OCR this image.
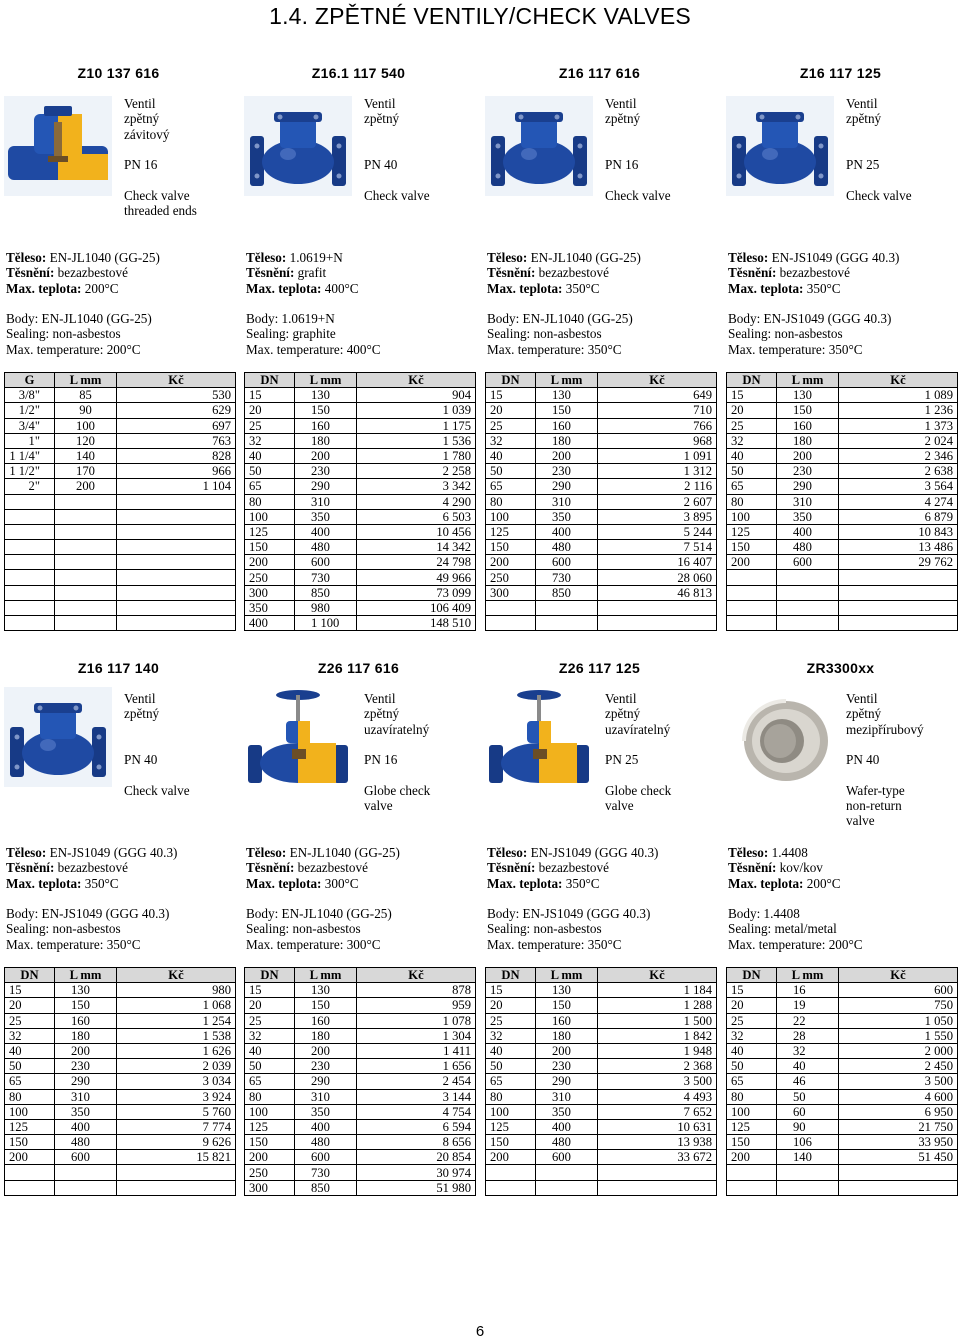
1.4. ZPĚTNÉ VENTILY/CHECK VALVES
Z10 137 616
Ventil
zpětný
závitový
PN 16
Check valve
threaded ends
Těleso: EN-JL1040 (GG-25)
Těsnění: bezazbestové
Max. teplota: 200°C
Body: EN-JL1040 (GG-25)
Sealing: non-asbestos
Max. temperature: 200°C
G	L mm	Kč
3/8"	85	530
1/2"	90	629
3/4"	100	697
1"	120	763
1 1/4"	140	828
1 1/2"	170	966
2"	200	1 104

Z16.1 117 540
Ventil
zpětný
PN 40
Check valve
Těleso: 1.0619+N
Těsnění: grafit
Max. teplota: 400°C
Body: 1.0619+N
Sealing: graphite
Max. temperature: 400°C
DN	L mm	Kč
15	130	904
20	150	1 039
25	160	1 175
32	180	1 536
40	200	1 780
50	230	2 258
65	290	3 342
80	310	4 290
100	350	6 503
125	400	10 456
150	480	14 342
200	600	24 798
250	730	49 966
300	850	73 099
350	980	106 409
400	1 100	148 510
Z16 117 616
Ventil
zpětný
PN 16
Check valve
Těleso: EN-JL1040 (GG-25)
Těsnění: bezazbestové
Max. teplota: 350°C
Body: EN-JL1040 (GG-25)
Sealing: non-asbestos
Max. temperature: 350°C
DN	L mm	Kč
15	130	649
20	150	710
25	160	766
32	180	968
40	200	1 091
50	230	1 312
65	290	2 116
80	310	2 607
100	350	3 895
125	400	5 244
150	480	7 514
200	600	16 407
250	730	28 060
300	850	46 813

Z16 117 125
Ventil
zpětný
PN 25
Check valve
Těleso: EN-JS1049 (GGG 40.3)
Těsnění: bezazbestové
Max. teplota: 350°C
Body: EN-JS1049 (GGG 40.3)
Sealing: non-asbestos
Max. temperature: 350°C
DN	L mm	Kč
15	130	1 089
20	150	1 236
25	160	1 373
32	180	2 024
40	200	2 346
50	230	2 638
65	290	3 564
80	310	4 274
100	350	6 879
125	400	10 843
150	480	13 486
200	600	29 762

Z16 117 140
Ventil
zpětný
PN 40
Check valve
Těleso: EN-JS1049 (GGG 40.3)
Těsnění: bezazbestové
Max. teplota: 350°C
Body: EN-JS1049 (GGG 40.3)
Sealing: non-asbestos
Max. temperature: 350°C
DN	L mm	Kč
15	130	980
20	150	1 068
25	160	1 254
32	180	1 538
40	200	1 626
50	230	2 039
65	290	3 034
80	310	3 924
100	350	5 760
125	400	7 774
150	480	9 626
200	600	15 821

Z26 117 616
Ventil
zpětný
uzavíratelný
PN 16
Globe check
valve
Těleso: EN-JL1040 (GG-25)
Těsnění: bezazbestové
Max. teplota: 300°C
Body: EN-JL1040 (GG-25)
Sealing: non-asbestos
Max. temperature: 300°C
DN	L mm	Kč
15	130	878
20	150	959
25	160	1 078
32	180	1 304
40	200	1 411
50	230	1 656
65	290	2 454
80	310	3 144
100	350	4 754
125	400	6 594
150	480	8 656
200	600	20 854
250	730	30 974
300	850	51 980
Z26 117 125
Ventil
zpětný
uzavíratelný
PN 25
Globe check
valve
Těleso: EN-JS1049 (GGG 40.3)
Těsnění: bezazbestové
Max. teplota: 350°C
Body: EN-JS1049 (GGG 40.3)
Sealing: non-asbestos
Max. temperature: 350°C
DN	L mm	Kč
15	130	1 184
20	150	1 288
25	160	1 500
32	180	1 842
40	200	1 948
50	230	2 368
65	290	3 500
80	310	4 493
100	350	7 652
125	400	10 631
150	480	13 938
200	600	33 672

ZR3300xx
Ventil
zpětný
mezipřírubový
PN 40
Wafer-type
non-return
valve
Těleso: 1.4408
Těsnění: kov/kov
Max. teplota: 200°C
Body: 1.4408
Sealing: metal/metal
Max. temperature: 200°C
DN	L mm	Kč
15	16	600
20	19	750
25	22	1 050
32	28	1 550
40	32	2 000
50	40	2 450
65	46	3 500
80	50	4 600
100	60	6 950
125	90	21 750
150	106	33 950
200	140	51 450

6
